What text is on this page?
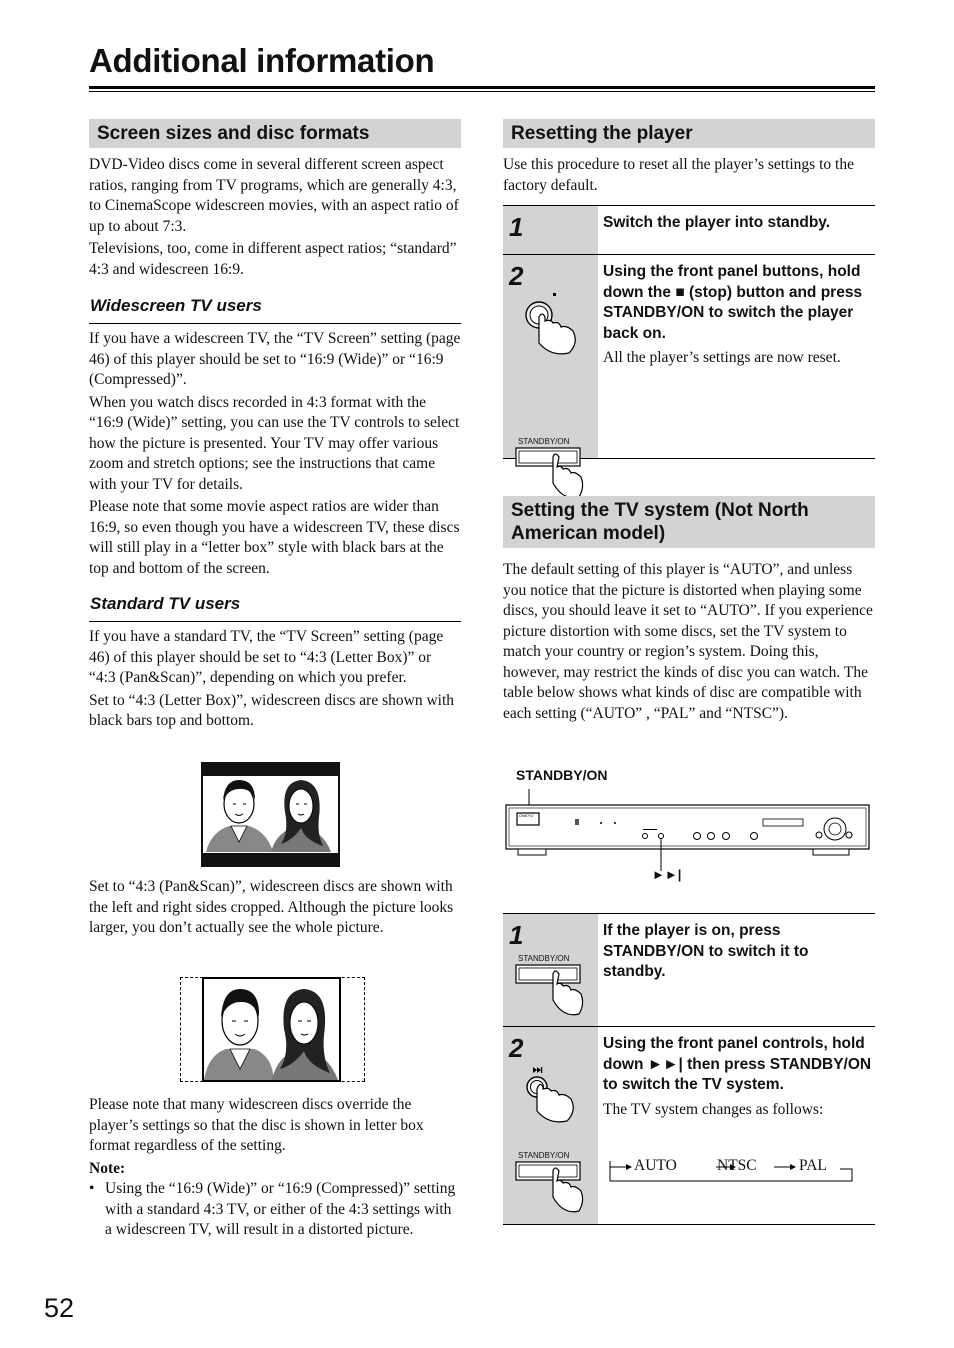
Additional information
Screen sizes and disc formats

DVD-Video discs come in several different screen aspect ratios, ranging from TV programs, which are generally 4:3, to CinemaScope widescreen movies, with an aspect ratio of up to about 7:3.

Televisions, too, come in different aspect ratios; “standard” 4:3 and widescreen 16:9.

Widescreen TV users

If you have a widescreen TV, the “TV Screen” setting (page 46) of this player should be set to “16:9 (Wide)” or “16:9 (Compressed)”.

When you watch discs recorded in 4:3 format with the “16:9 (Wide)” setting, you can use the TV controls to select how the picture is presented. Your TV may offer various zoom and stretch options; see the instructions that came with your TV for details.

Please note that some movie aspect ratios are wider than 16:9, so even though you have a widescreen TV, these discs will still play in a “letter box” style with black bars at the top and bottom of the screen.

Standard TV users

If you have a standard TV, the “TV Screen” setting (page 46) of this player should be set to “4:3 (Letter Box)” or “4:3 (Pan&Scan)”, depending on which you prefer.

Set to “4:3 (Letter Box)”, widescreen discs are shown with black bars top and bottom.

Set to “4:3 (Pan&Scan)”, widescreen discs are shown with the left and right sides cropped. Although the picture looks larger, you don’t actually see the whole picture.

Please note that many widescreen discs override the player’s settings so that the disc is shown in letter box format regardless of the setting.

Note:

• Using the “16:9 (Wide)” or “16:9 (Compressed)” setting with a standard 4:3 TV, or either of the 4:3 settings with a widescreen TV, will result in a distorted picture.

52
Resetting the player

Use this procedure to reset all the player’s settings to the factory default.

1	Switch the player into standby.
2
STANDBY/ON
Using the front panel buttons, hold down the ■ (stop) button and press STANDBY/ON to switch the player back on.
All the player’s settings are now reset.
Setting the TV system (Not North American model)

The default setting of this player is “AUTO”, and unless you notice that the picture is distorted when playing some discs, you should leave it set to “AUTO”. If you experience picture distortion with some discs, set the TV system to match your country or region’s system. Doing this, however, may restrict the kinds of disc you can watch. The table below shows what kinds of disc are compatible with each setting (“AUTO” , “PAL” and “NTSC”).

STANDBY/ON
ONKYO
►►|
1
STANDBY/ON
If the player is on, press STANDBY/ON to switch it to standby.
2
STANDBY/ON
Using the front panel controls, hold down ►►| then press STANDBY/ON to switch the TV system.
The TV system changes as follows:
AUTO	NTSC	PAL
